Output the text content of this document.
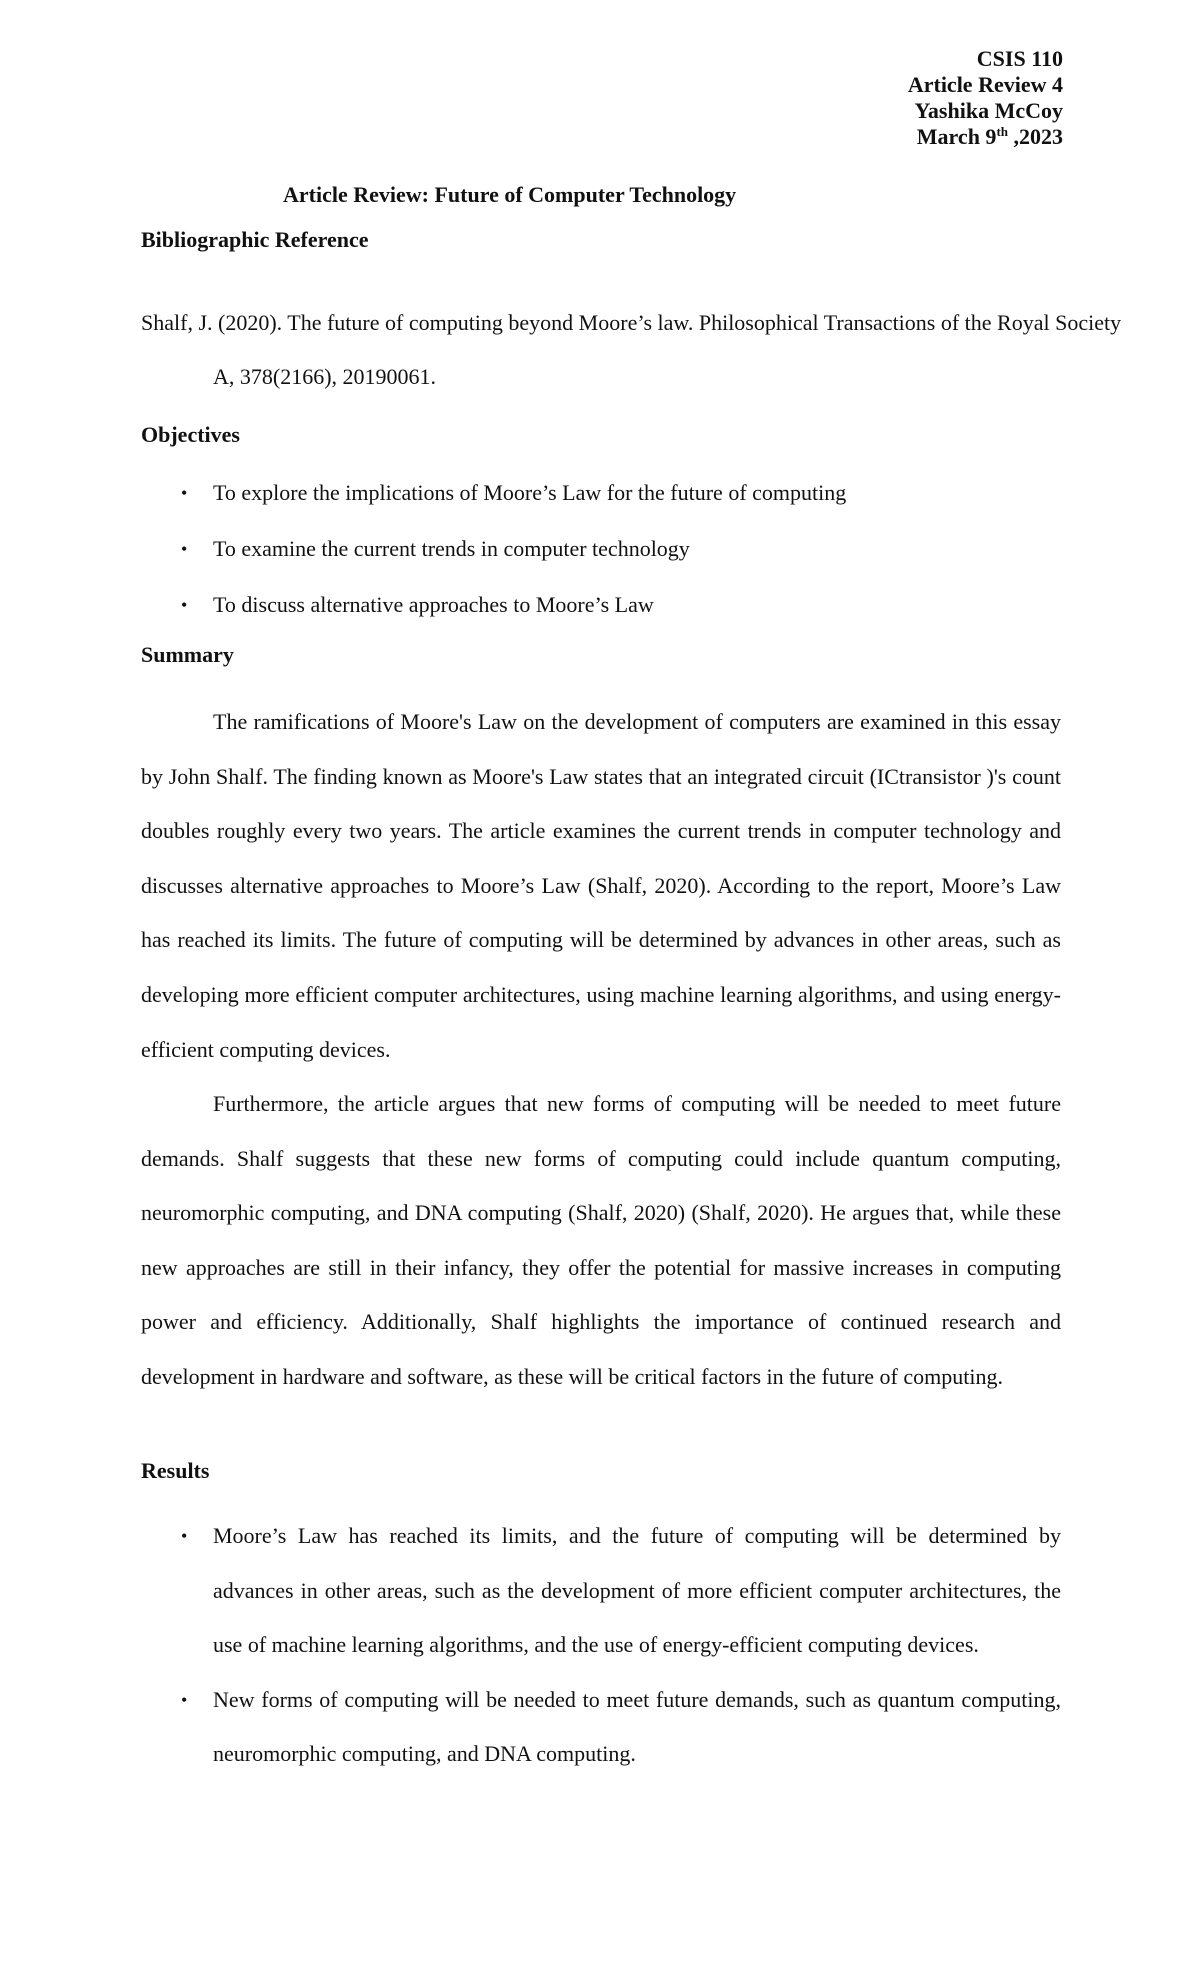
CSIS 110
Article Review 4
Yashika McCoy
March 9th ,2023
Article Review: Future of Computer Technology
Bibliographic Reference
Shalf, J. (2020). The future of computing beyond Moore’s law. Philosophical Transactions of the Royal Society A, 378(2166), 20190061.
Objectives
• To explore the implications of Moore’s Law for the future of computing
• To examine the current trends in computer technology
• To discuss alternative approaches to Moore’s Law
Summary
The ramifications of Moore's Law on the development of computers are examined in this essay by John Shalf. The finding known as Moore's Law states that an integrated circuit (ICtransistor )'s count doubles roughly every two years. The article examines the current trends in computer technology and discusses alternative approaches to Moore’s Law (Shalf, 2020). According to the report, Moore’s Law has reached its limits. The future of computing will be determined by advances in other areas, such as developing more efficient computer architectures, using machine learning algorithms, and using energy-efficient computing devices.
Furthermore, the article argues that new forms of computing will be needed to meet future demands. Shalf suggests that these new forms of computing could include quantum computing, neuromorphic computing, and DNA computing (Shalf, 2020) (Shalf, 2020). He argues that, while these new approaches are still in their infancy, they offer the potential for massive increases in computing power and efficiency. Additionally, Shalf highlights the importance of continued research and development in hardware and software, as these will be critical factors in the future of computing.
Results
• Moore’s Law has reached its limits, and the future of computing will be determined by advances in other areas, such as the development of more efficient computer architectures, the use of machine learning algorithms, and the use of energy-efficient computing devices.
• New forms of computing will be needed to meet future demands, such as quantum computing, neuromorphic computing, and DNA computing.
